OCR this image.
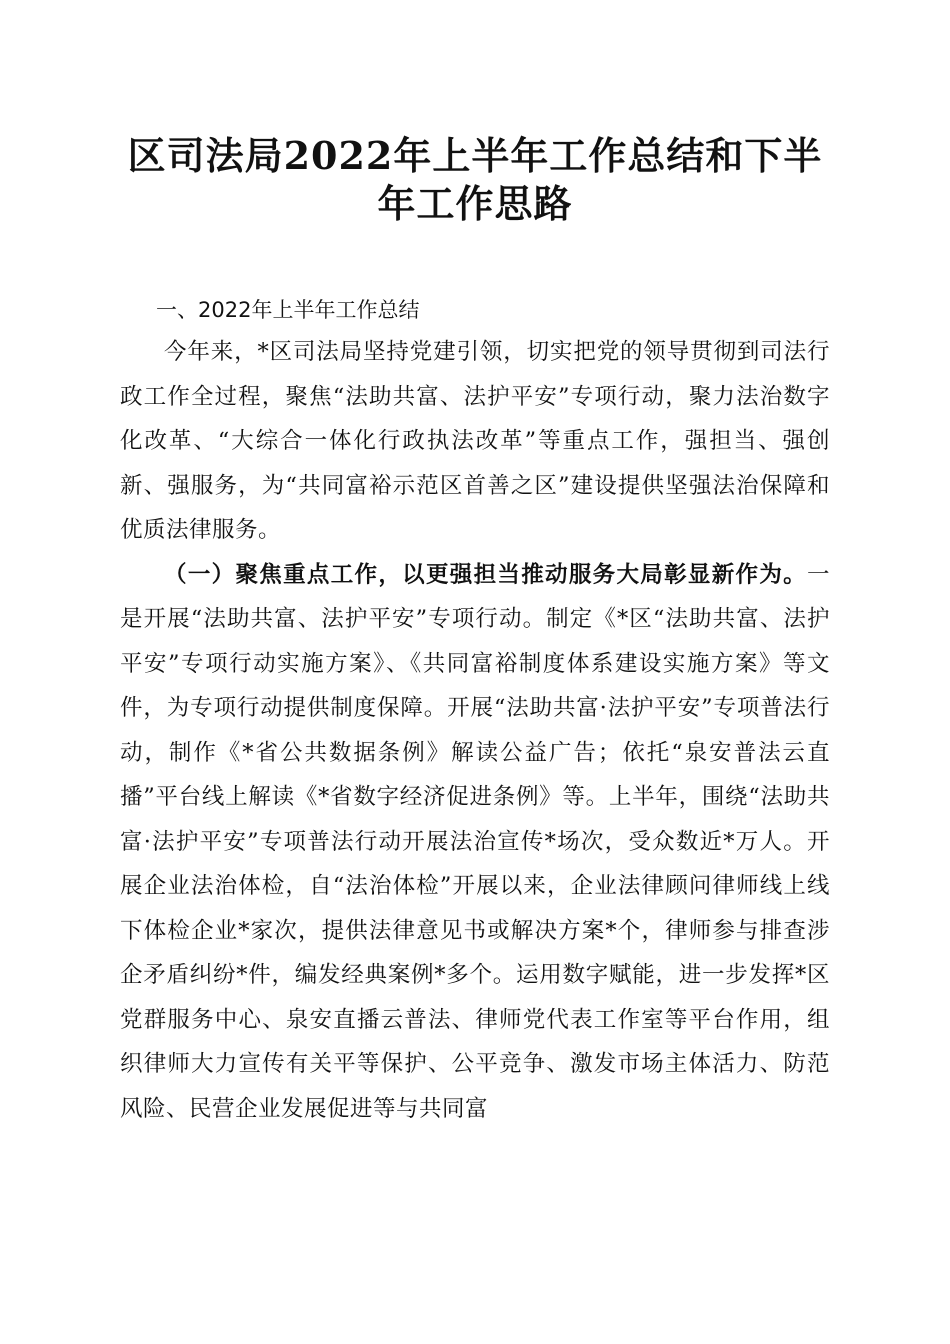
区司法局2022年上半年工作总结和下半年工作思路

一、2022年上半年工作总结

今年来，*区司法局坚持党建引领，切实把党的领导贯彻到司法行政工作全过程，聚焦“法助共富、法护平安”专项行动，聚力法治数字化改革、“大综合一体化行政执法改革”等重点工作，强担当、强创新、强服务，为“共同富裕示范区首善之区”建设提供坚强法治保障和优质法律服务。

（一）聚焦重点工作，以更强担当推动服务大局彰显新作为。一是开展“法助共富、法护平安”专项行动。制定《*区“法助共富、法护平安”专项行动实施方案》、《共同富裕制度体系建设实施方案》等文件，为专项行动提供制度保障。开展“法助共富·法护平安”专项普法行动，制作《*省公共数据条例》解读公益广告；依托“泉安普法云直播”平台线上解读《*省数字经济促进条例》等。上半年，围绕“法助共富·法护平安”专项普法行动开展法治宣传*场次，受众数近*万人。开展企业法治体检，自“法治体检”开展以来，企业法律顾问律师线上线下体检企业*家次，提供法律意见书或解决方案*个，律师参与排查涉企矛盾纠纷*件，编发经典案例*多个。运用数字赋能，进一步发挥*区党群服务中心、泉安直播云普法、律师党代表工作室等平台作用，组织律师大力宣传有关平等保护、公平竞争、激发市场主体活力、防范风险、民营企业发展促进等与共同富
